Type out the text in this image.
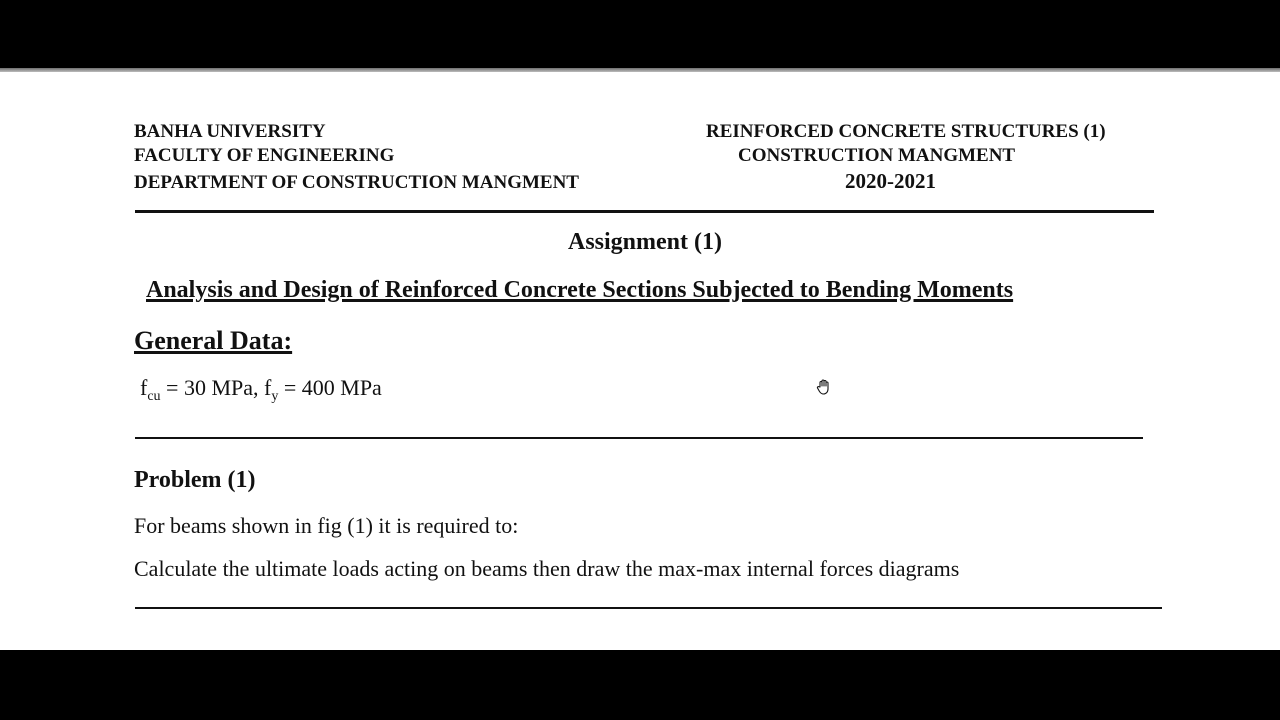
BANHA UNIVERSITY
FACULTY OF ENGINEERING
DEPARTMENT OF CONSTRUCTION MANGMENT
REINFORCED CONCRETE STRUCTURES (1)
CONSTRUCTION MANGMENT
2020-2021
Assignment (1)
Analysis and Design of Reinforced Concrete Sections Subjected to Bending Moments
General Data:
$f_{cu} = 30$ MPa, $f_y = 400$ MPa
Problem (1)
For beams shown in fig (1) it is required to:
Calculate the ultimate loads acting on beams then draw the max-max internal forces diagrams
